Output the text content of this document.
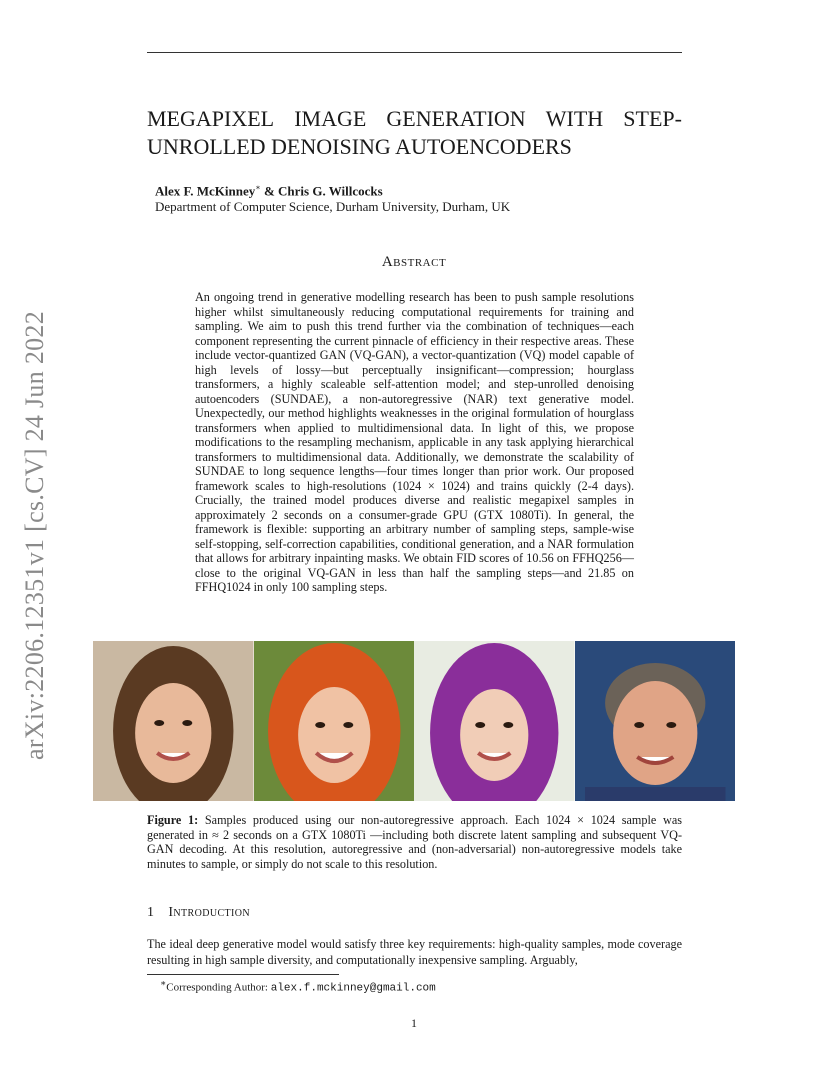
arXiv:2206.12351v1 [cs.CV] 24 Jun 2022
MEGAPIXEL IMAGE GENERATION WITH STEP-
UNROLLED DENOISING AUTOENCODERS
Alex F. McKinney∗ & Chris G. Willcocks
Department of Computer Science, Durham University, Durham, UK
Abstract

An ongoing trend in generative modelling research has been to push sample resolutions higher whilst simultaneously reducing computational requirements for training and sampling. We aim to push this trend further via the combination of techniques—each component representing the current pinnacle of efficiency in their respective areas. These include vector-quantized GAN (VQ-GAN), a vector-quantization (VQ) model capable of high levels of lossy—but perceptually insignificant—compression; hourglass transformers, a highly scaleable self-attention model; and step-unrolled denoising autoencoders (SUNDAE), a non-autoregressive (NAR) text generative model. Unexpectedly, our method highlights weaknesses in the original formulation of hourglass transformers when applied to multidimensional data. In light of this, we propose modifications to the resampling mechanism, applicable in any task applying hierarchical transformers to multidimensional data. Additionally, we demonstrate the scalability of SUNDAE to long sequence lengths—four times longer than prior work. Our proposed framework scales to high-resolutions (1024 × 1024) and trains quickly (2-4 days). Crucially, the trained model produces diverse and realistic megapixel samples in approximately 2 seconds on a consumer-grade GPU (GTX 1080Ti). In general, the framework is flexible: supporting an arbitrary number of sampling steps, sample-wise self-stopping, self-correction capabilities, conditional generation, and a NAR formulation that allows for arbitrary inpainting masks. We obtain FID scores of 10.56 on FFHQ256—close to the original VQ-GAN in less than half the sampling steps—and 21.85 on FFHQ1024 in only 100 sampling steps.

Figure 1: Samples produced using our non-autoregressive approach. Each 1024 × 1024 sample was generated in ≈ 2 seconds on a GTX 1080Ti —including both discrete latent sampling and subsequent VQ-GAN decoding. At this resolution, autoregressive and (non-adversarial) non-autoregressive models take minutes to sample, or simply do not scale to this resolution.

1 Introduction

The ideal deep generative model would satisfy three key requirements: high-quality samples, mode coverage resulting in high sample diversity, and computationally inexpensive sampling. Arguably,

∗Corresponding Author: alex.f.mckinney@gmail.com
1
